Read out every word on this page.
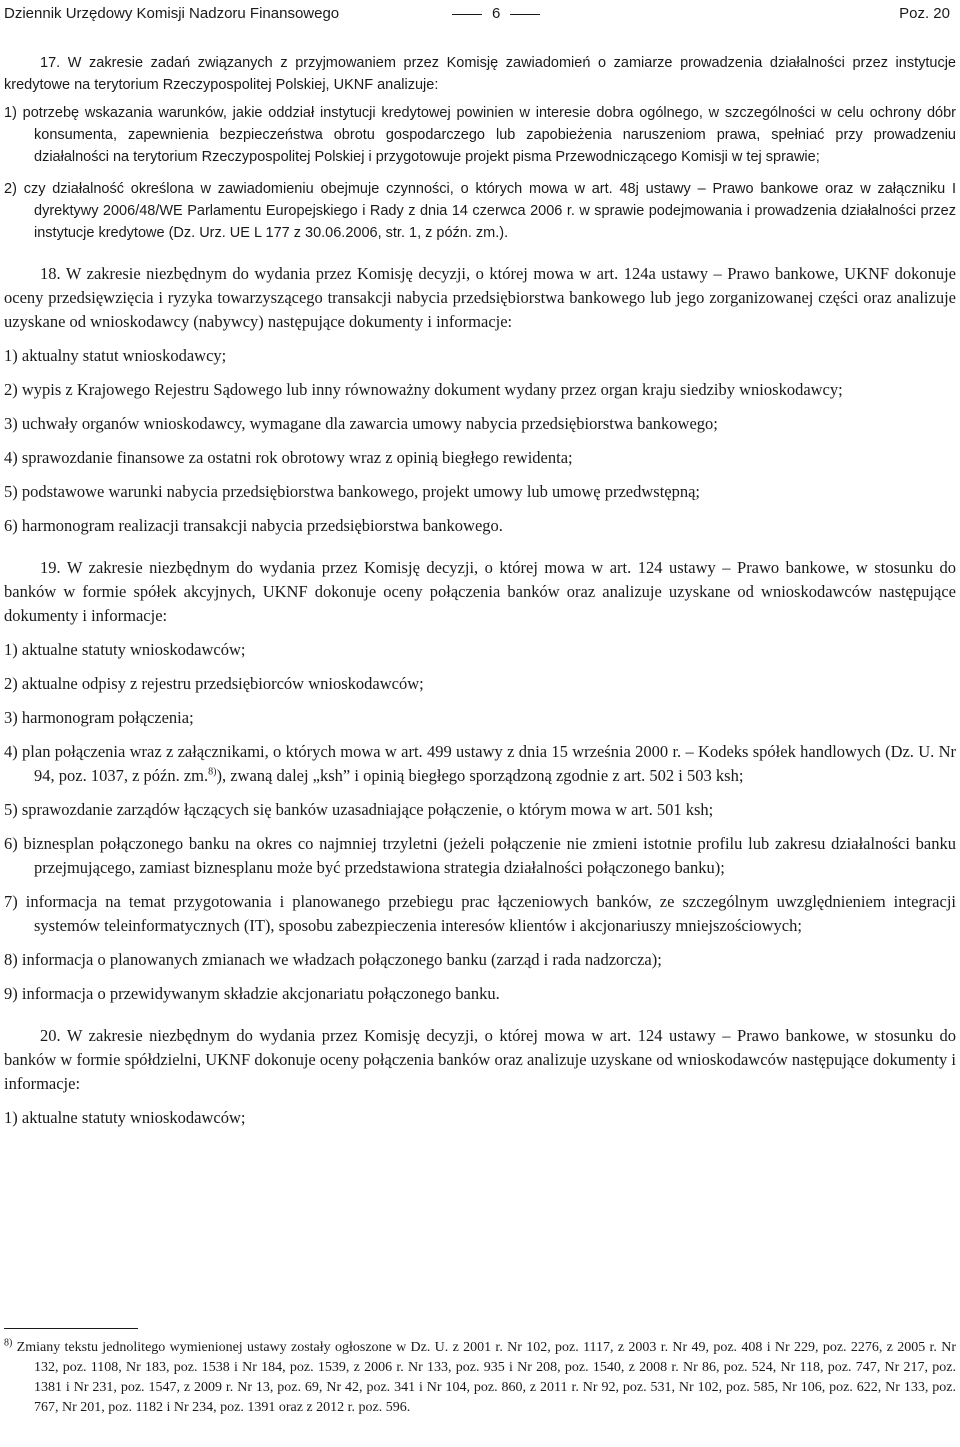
Dziennik Urzędowy Komisji Nadzoru Finansowego	6	Poz. 20

17. W zakresie zadań związanych z przyjmowaniem przez Komisję zawiadomień o zamiarze prowadzenia działalności przez instytucje kredytowe na terytorium Rzeczypospolitej Polskiej, UKNF analizuje:

1) potrzebę wskazania warunków, jakie oddział instytucji kredytowej powinien w interesie dobra ogólnego, w szczególności w celu ochrony dóbr konsumenta, zapewnienia bezpieczeństwa obrotu gospodarczego lub zapobieżenia naruszeniom prawa, spełniać przy prowadzeniu działalności na terytorium Rzeczypospolitej Polskiej i przygotowuje projekt pisma Przewodniczącego Komisji w tej sprawie;

2) czy działalność określona w zawiadomieniu obejmuje czynności, o których mowa w art. 48j ustawy – Prawo bankowe oraz w załączniku I dyrektywy 2006/48/WE Parlamentu Europejskiego i Rady z dnia 14 czerwca 2006 r. w sprawie podejmowania i prowadzenia działalności przez instytucje kredytowe (Dz. Urz. UE L 177 z 30.06.2006, str. 1, z późn. zm.).

18. W zakresie niezbędnym do wydania przez Komisję decyzji, o której mowa w art. 124a ustawy – Prawo bankowe, UKNF dokonuje oceny przedsięwzięcia i ryzyka towarzyszącego transakcji nabycia przedsiębiorstwa bankowego lub jego zorganizowanej części oraz analizuje uzyskane od wnioskodawcy (nabywcy) następujące dokumenty i informacje:

1) aktualny statut wnioskodawcy;

2) wypis z Krajowego Rejestru Sądowego lub inny równoważny dokument wydany przez organ kraju siedziby wnioskodawcy;

3) uchwały organów wnioskodawcy, wymagane dla zawarcia umowy nabycia przedsiębiorstwa bankowego;

4) sprawozdanie finansowe za ostatni rok obrotowy wraz z opinią biegłego rewidenta;

5) podstawowe warunki nabycia przedsiębiorstwa bankowego, projekt umowy lub umowę przedwstępną;

6) harmonogram realizacji transakcji nabycia przedsiębiorstwa bankowego.

19. W zakresie niezbędnym do wydania przez Komisję decyzji, o której mowa w art. 124 ustawy – Prawo bankowe, w stosunku do banków w formie spółek akcyjnych, UKNF dokonuje oceny połączenia banków oraz analizuje uzyskane od wnioskodawców następujące dokumenty i informacje:

1) aktualne statuty wnioskodawców;

2) aktualne odpisy z rejestru przedsiębiorców wnioskodawców;

3) harmonogram połączenia;

4) plan połączenia wraz z załącznikami, o których mowa w art. 499 ustawy z dnia 15 września 2000 r. – Kodeks spółek handlowych (Dz. U. Nr 94, poz. 1037, z późn. zm.$^{8)}$), zwaną dalej „ksh” i opinią biegłego sporządzoną zgodnie z art. 502 i 503 ksh;

5) sprawozdanie zarządów łączących się banków uzasadniające połączenie, o którym mowa w art. 501 ksh;

6) biznesplan połączonego banku na okres co najmniej trzyletni (jeżeli połączenie nie zmieni istotnie profilu lub zakresu działalności banku przejmującego, zamiast biznesplanu może być przedstawiona strategia działalności połączonego banku);

7) informacja na temat przygotowania i planowanego przebiegu prac łączeniowych banków, ze szczególnym uwzględnieniem integracji systemów teleinformatycznych (IT), sposobu zabezpieczenia interesów klientów i akcjonariuszy mniejszościowych;

8) informacja o planowanych zmianach we władzach połączonego banku (zarząd i rada nadzorcza);

9) informacja o przewidywanym składzie akcjonariatu połączonego banku.

20. W zakresie niezbędnym do wydania przez Komisję decyzji, o której mowa w art. 124 ustawy – Prawo bankowe, w stosunku do banków w formie spółdzielni, UKNF dokonuje oceny połączenia banków oraz analizuje uzyskane od wnioskodawców następujące dokumenty i informacje:

1) aktualne statuty wnioskodawców;

$^{8)}$ Zmiany tekstu jednolitego wymienionej ustawy zostały ogłoszone w Dz. U. z 2001 r. Nr 102, poz. 1117, z 2003 r. Nr 49, poz. 408 i Nr 229, poz. 2276, z 2005 r. Nr 132, poz. 1108, Nr 183, poz. 1538 i Nr 184, poz. 1539, z 2006 r. Nr 133, poz. 935 i Nr 208, poz. 1540, z 2008 r. Nr 86, poz. 524, Nr 118, poz. 747, Nr 217, poz. 1381 i Nr 231, poz. 1547, z 2009 r. Nr 13, poz. 69, Nr 42, poz. 341 i Nr 104, poz. 860, z 2011 r. Nr 92, poz. 531, Nr 102, poz. 585, Nr 106, poz. 622, Nr 133, poz. 767, Nr 201, poz. 1182 i Nr 234, poz. 1391 oraz z 2012 r. poz. 596.
